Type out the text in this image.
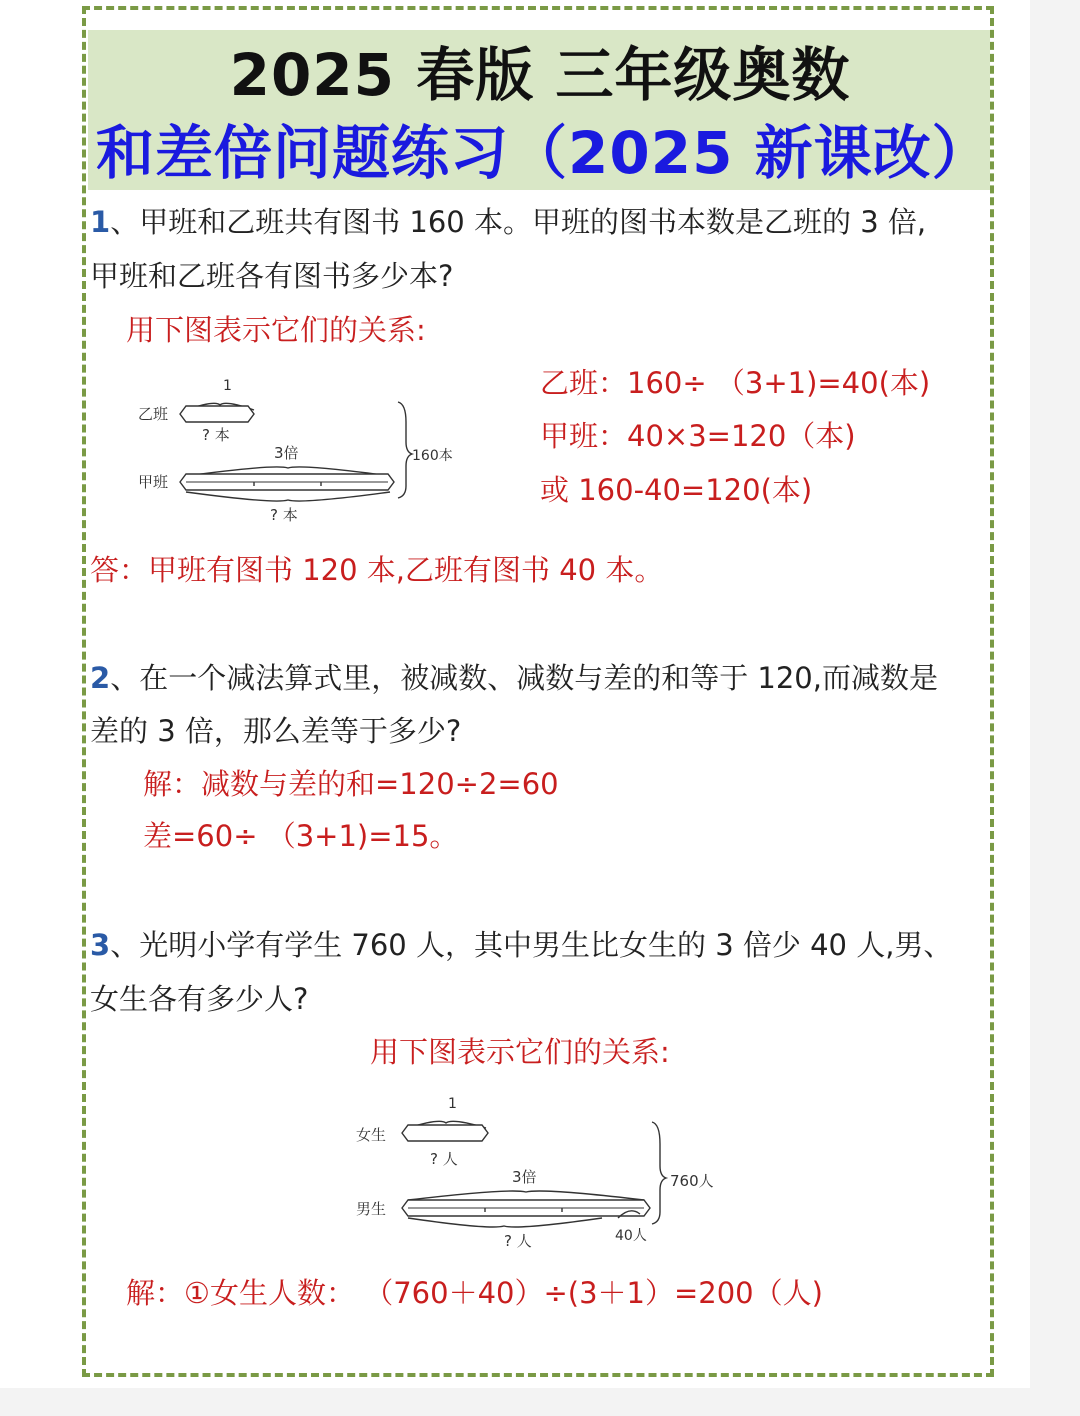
2025 春版 三年级奥数
和差倍问题练习（2025 新课改）
1、甲班和乙班共有图书 160 本。甲班的图书本数是乙班的 3 倍,
甲班和乙班各有图书多少本?
用下图表示它们的关系:
1
乙班
? 本
3倍
甲班
? 本
160本
乙班：160÷ （3+1)=40(本)
甲班：40×3=120（本)
或 160-40=120(本)
答：甲班有图书 120 本,乙班有图书 40 本。
2、在一个减法算式里，被减数、减数与差的和等于 120,而减数是
差的 3 倍，那么差等于多少?
解：减数与差的和=120÷2=60
差=60÷ （3+1)=15。
3、光明小学有学生 760 人，其中男生比女生的 3 倍少 40 人,男、
女生各有多少人?
用下图表示它们的关系:
1
女生
? 人
3倍
男生
? 人	40人
760人
解：①女生人数： （760＋40）÷(3＋1）=200（人)
